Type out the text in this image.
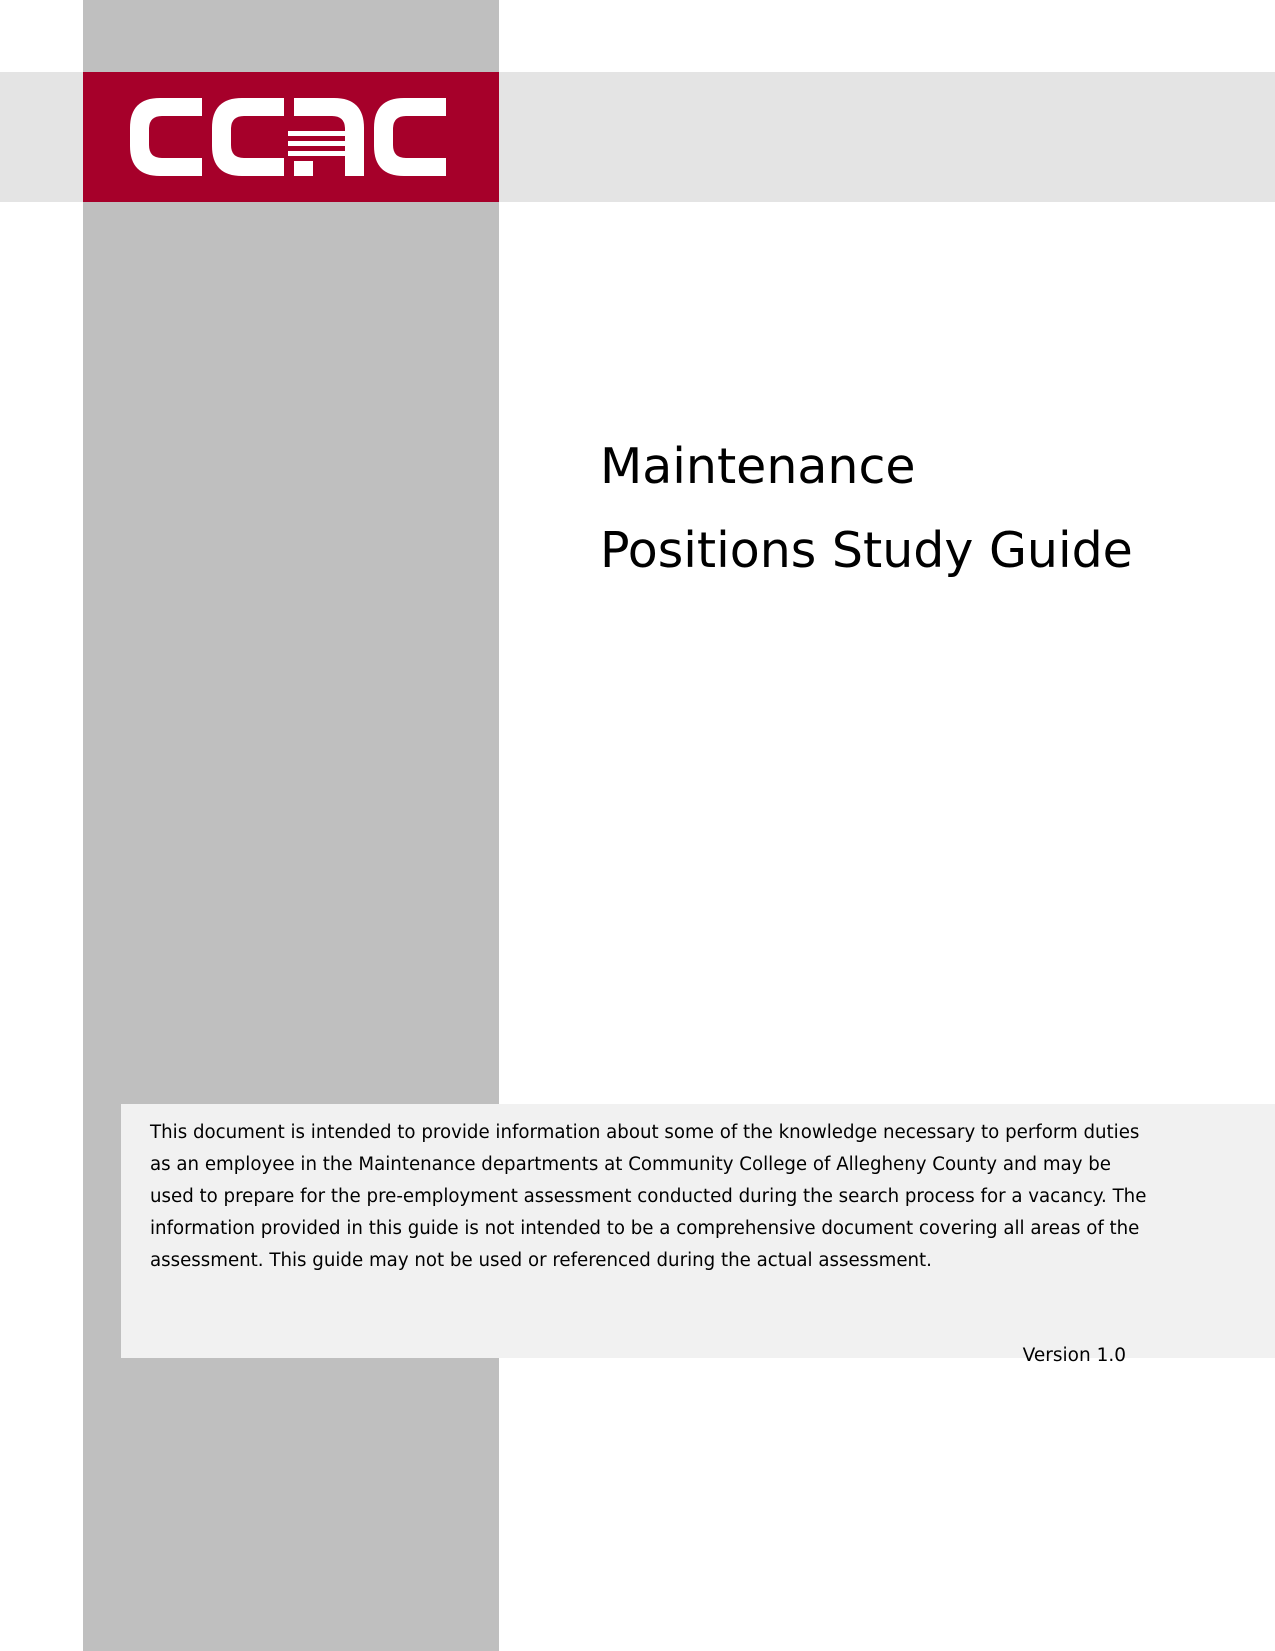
Maintenance
Positions Study Guide

This document is intended to provide information about some of the knowledge necessary to perform duties as an employee in the Maintenance departments at Community College of Allegheny County and may be used to prepare for the pre-employment assessment conducted during the search process for a vacancy. The information provided in this guide is not intended to be a comprehensive document covering all areas of the assessment. This guide may not be used or referenced during the actual assessment.

Version 1.0
